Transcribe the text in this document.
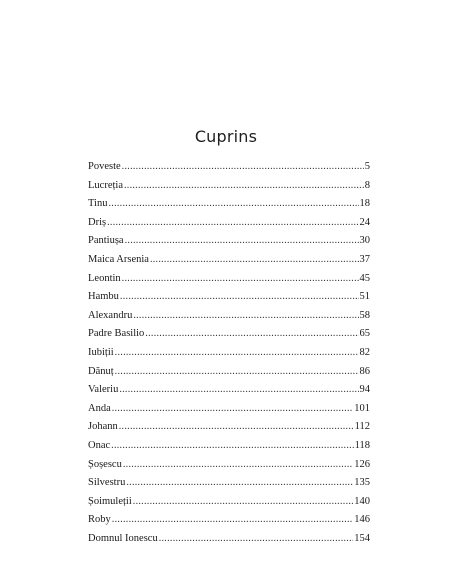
Cuprins
Poveste .....	5
Lucreția .....	8
Tinu .....	18
Driș .....	24
Pantiușa .....	30
Maica Arsenia .....	37
Leontin .....	45
Hambu .....	51
Alexandru .....	58
Padre Basilio .....	65
Iubiții .....	82
Dănuț .....	86
Valeriu .....	94
Anda .....	101
Johann .....	112
Onac .....	118
Șoșescu .....	126
Silvestru .....	135
Șoimuleții .....	140
Roby .....	146
Domnul Ionescu .....	154
